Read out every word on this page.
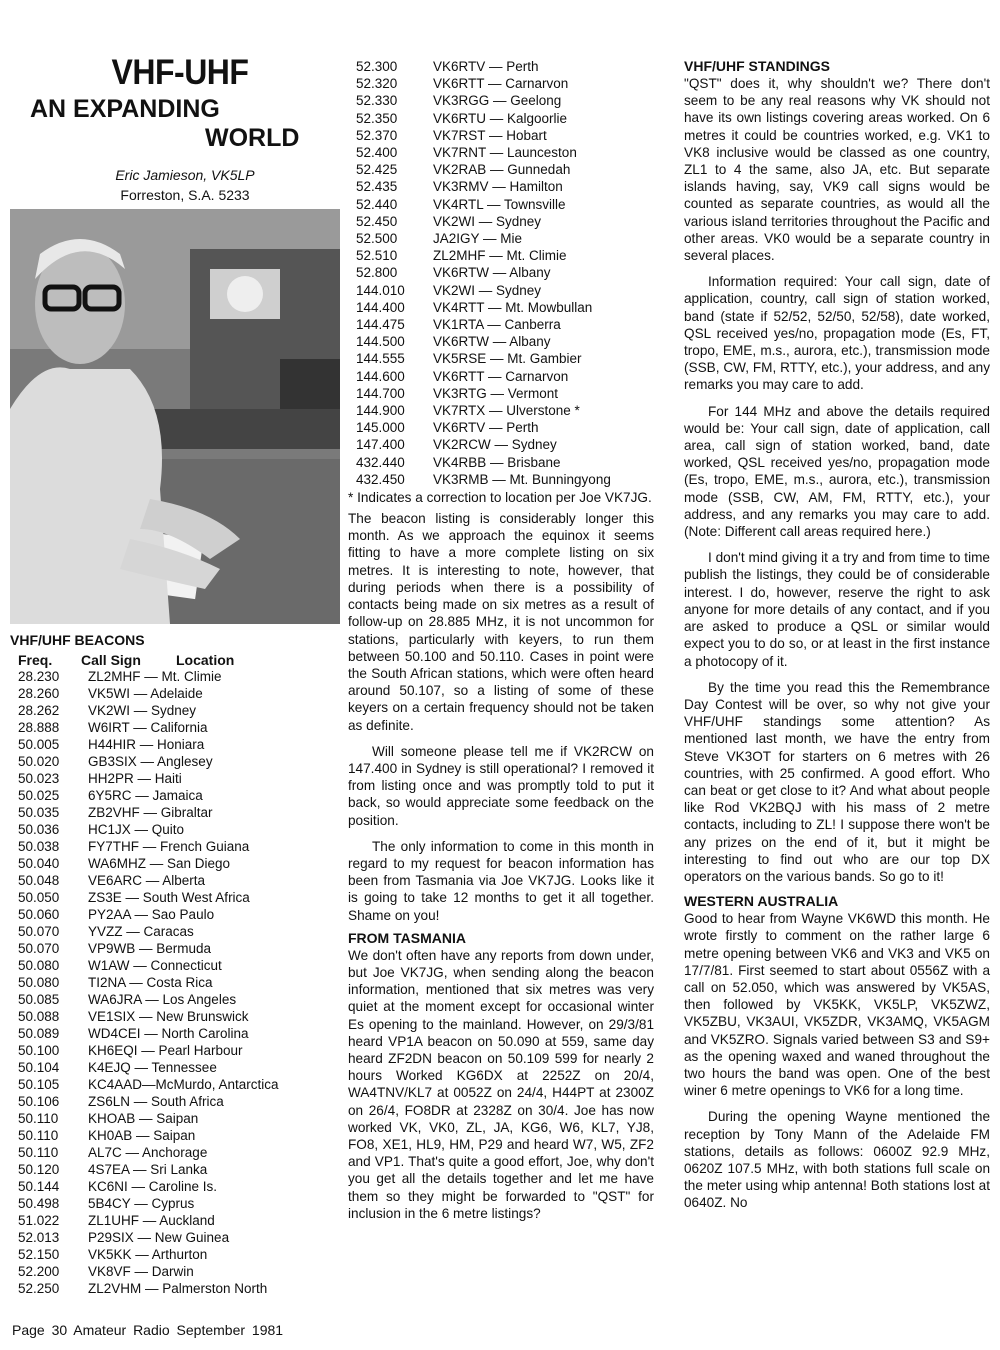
VHF-UHF
AN EXPANDING
WORLD
Eric Jamieson, VK5LP
Forreston, S.A. 5233
VHF/UHF BEACONS
Freq.	Call Sign	Location
28.230	ZL2MHF — Mt. Climie
28.260	VK5WI — Adelaide
28.262	VK2WI — Sydney
28.888	W6IRT — California
50.005	H44HIR — Honiara
50.020	GB3SIX — Anglesey
50.023	HH2PR — Haiti
50.025	6Y5RC — Jamaica
50.035	ZB2VHF — Gibraltar
50.036	HC1JX — Quito
50.038	FY7THF — French Guiana
50.040	WA6MHZ — San Diego
50.048	VE6ARC — Alberta
50.050	ZS3E — South West Africa
50.060	PY2AA — Sao Paulo
50.070	YVZZ — Caracas
50.070	VP9WB — Bermuda
50.080	W1AW — Connecticut
50.080	TI2NA — Costa Rica
50.085	WA6JRA — Los Angeles
50.088	VE1SIX — New Brunswick
50.089	WD4CEI — North Carolina
50.100	KH6EQI — Pearl Harbour
50.104	K4EJQ — Tennessee
50.105	KC4AAD—McMurdo, Antarctica
50.106	ZS6LN — South Africa
50.110	KHOAB — Saipan
50.110	KH0AB — Saipan
50.110	AL7C — Anchorage
50.120	4S7EA — Sri Lanka
50.144	KC6NI — Caroline Is.
50.498	5B4CY — Cyprus
51.022	ZL1UHF — Auckland
52.013	P29SIX — New Guinea
52.150	VK5KK — Arthurton
52.200	VK8VF — Darwin
52.250	ZL2VHM — Palmerston North
52.300	VK6RTV — Perth
52.320	VK6RTT — Carnarvon
52.330	VK3RGG — Geelong
52.350	VK6RTU — Kalgoorlie
52.370	VK7RST — Hobart
52.400	VK7RNT — Launceston
52.425	VK2RAB — Gunnedah
52.435	VK3RMV — Hamilton
52.440	VK4RTL — Townsville
52.450	VK2WI — Sydney
52.500	JA2IGY — Mie
52.510	ZL2MHF — Mt. Climie
52.800	VK6RTW — Albany
144.010	VK2WI — Sydney
144.400	VK4RTT — Mt. Mowbullan
144.475	VK1RTA — Canberra
144.500	VK6RTW — Albany
144.555	VK5RSE — Mt. Gambier
144.600	VK6RTT — Carnarvon
144.700	VK3RTG — Vermont
144.900	VK7RTX — Ulverstone *
145.000	VK6RTV — Perth
147.400	VK2RCW — Sydney
432.440	VK4RBB — Brisbane
432.450	VK3RMB — Mt. Bunningyong
* Indicates a correction to location per Joe VK7JG.
The beacon listing is considerably longer this month. As we approach the equinox it seems fitting to have a more complete listing on six metres. It is interesting to note, however, that during periods when there is a possibility of contacts being made on six metres as a result of follow-up on 28.885 MHz, it is not uncommon for stations, particularly with keyers, to run them between 50.100 and 50.110. Cases in point were the South African stations, which were often heard around 50.107, so a listing of some of these keyers on a certain frequency should not be taken as definite.
Will someone please tell me if VK2RCW on 147.400 in Sydney is still operational? I removed it from listing once and was promptly told to put it back, so would appreciate some feedback on the position.
The only information to come in this month in regard to my request for beacon information has been from Tasmania via Joe VK7JG. Looks like it is going to take 12 months to get it all together. Shame on you!
FROM TASMANIA
We don't often have any reports from down under, but Joe VK7JG, when sending along the beacon information, mentioned that six metres was very quiet at the moment except for occasional winter Es opening to the mainland. However, on 29/3/81 heard VP1A beacon on 50.090 at 559, same day heard ZF2DN beacon on 50.109 599 for nearly 2 hours Worked KG6DX at 2252Z on 20/4, WA4TNV/KL7 at 0052Z on 24/4, H44PT at 2300Z on 26/4, FO8DR at 2328Z on 30/4. Joe has now worked VK, VK0, ZL, JA, KG6, W6, KL7, YJ8, FO8, XE1, HL9, HM, P29 and heard W7, W5, ZF2 and VP1. That's quite a good effort, Joe, why don't you get all the details together and let me have them so they might be forwarded to "QST" for inclusion in the 6 metre listings?
VHF/UHF STANDINGS
"QST" does it, why shouldn't we? There don't seem to be any real reasons why VK should not have its own listings covering areas worked. On 6 metres it could be countries worked, e.g. VK1 to VK8 inclusive would be classed as one country, ZL1 to 4 the same, also JA, etc. But separate islands having, say, VK9 call signs would be counted as separate countries, as would all the various island territories throughout the Pacific and other areas. VK0 would be a separate country in several places.
Information required: Your call sign, date of application, country, call sign of station worked, band (state if 52/52, 52/50, 52/58), date worked, QSL received yes/no, propagation mode (Es, FT, tropo, EME, m.s., aurora, etc.), transmission mode (SSB, CW, FM, RTTY, etc.), your address, and any remarks you may care to add.
For 144 MHz and above the details required would be: Your call sign, date of application, call area, call sign of station worked, band, date worked, QSL received yes/no, propagation mode (Es, tropo, EME, m.s., aurora, etc.), transmission mode (SSB, CW, AM, FM, RTTY, etc.), your address, and any remarks you may care to add. (Note: Different call areas required here.)
I don't mind giving it a try and from time to time publish the listings, they could be of considerable interest. I do, however, reserve the right to ask anyone for more details of any contact, and if you are asked to produce a QSL or similar would expect you to do so, or at least in the first instance a photocopy of it.
By the time you read this the Remembrance Day Contest will be over, so why not give your VHF/UHF standings some attention? As mentioned last month, we have the entry from Steve VK3OT for starters on 6 metres with 26 countries, with 25 confirmed. A good effort. Who can beat or get close to it? And what about people like Rod VK2BQJ with his mass of 2 metre contacts, including to ZL! I suppose there won't be any prizes on the end of it, but it might be interesting to find out who are our top DX operators on the various bands. So go to it!
WESTERN AUSTRALIA
Good to hear from Wayne VK6WD this month. He wrote firstly to comment on the rather large 6 metre opening between VK6 and VK3 and VK5 on 17/7/81. First seemed to start about 0556Z with a call on 52.050, which was answered by VK5AS, then followed by VK5KK, VK5LP, VK5ZWZ, VK5ZBU, VK3AUI, VK5ZDR, VK3AMQ, VK5AGM and VK5ZRO. Signals varied between S3 and S9+ as the opening waxed and waned throughout the two hours the band was open. One of the best winer 6 metre openings to VK6 for a long time.
During the opening Wayne mentioned the reception by Tony Mann of the Adelaide FM stations, details as follows: 0600Z 92.9 MHz, 0620Z 107.5 MHz, with both stations full scale on the meter using whip antenna! Both stations lost at 0640Z. No
Page 30 Amateur Radio September 1981
